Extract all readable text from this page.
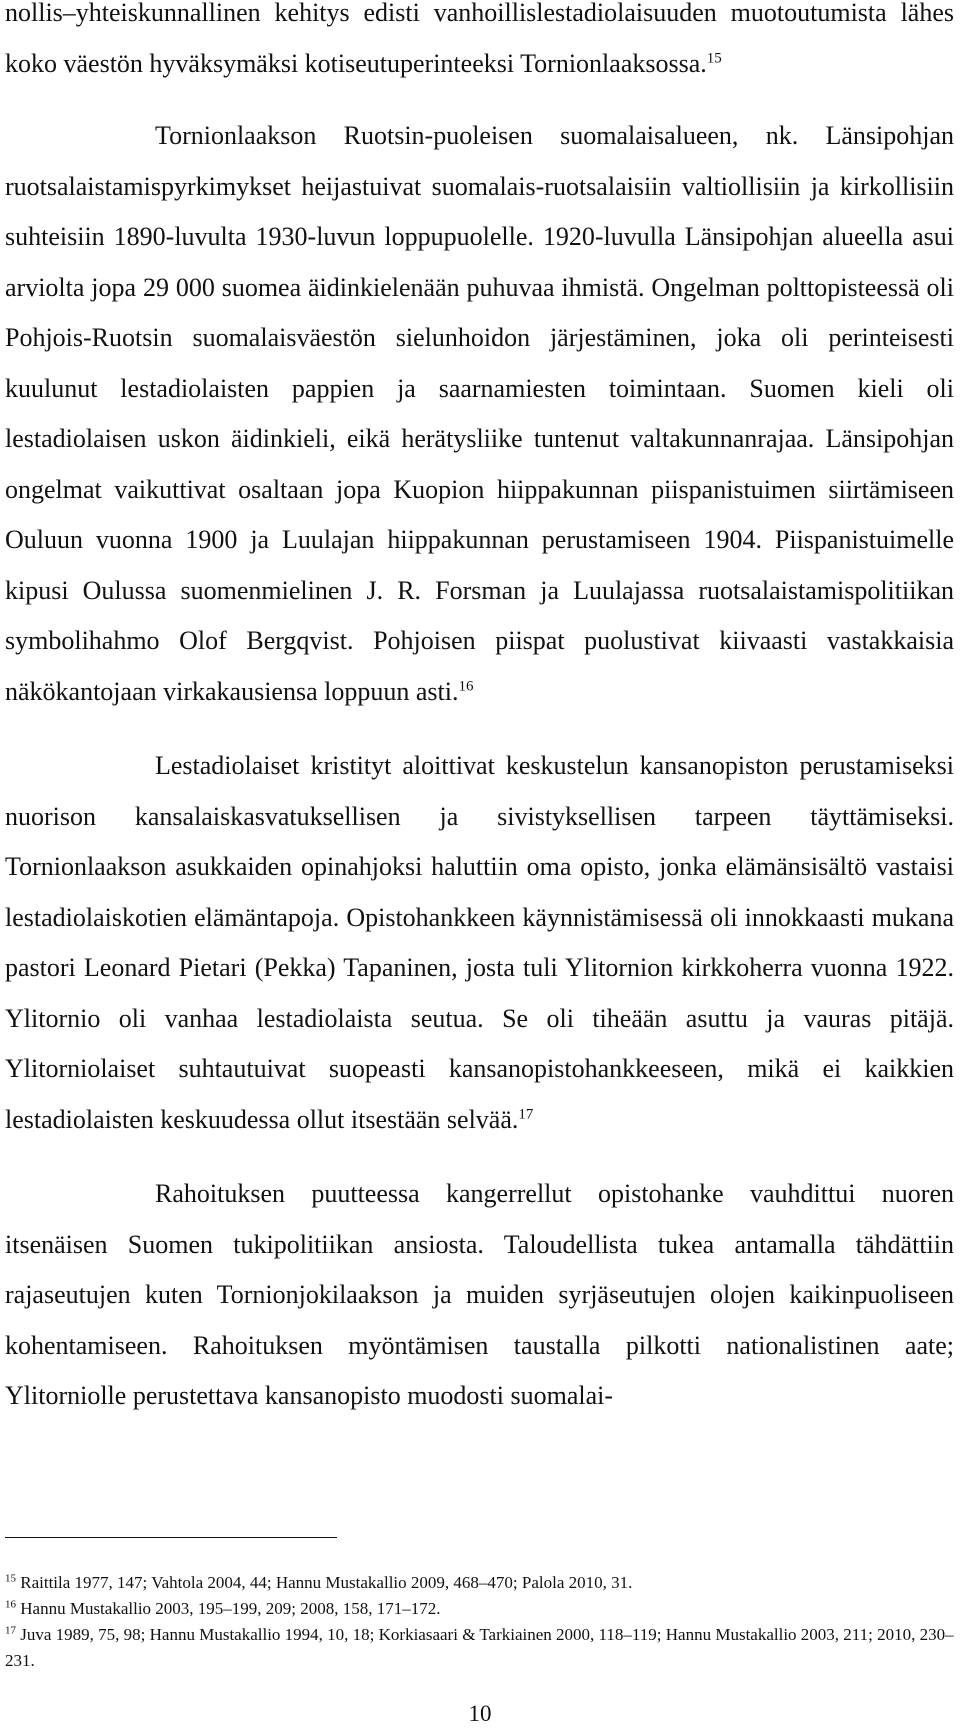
nollis–yhteiskunnallinen kehitys edisti vanhoillislestadiolaisuuden muotoutumista lähes koko väestön hyväksymäksi kotiseutuperinteeksi Tornionlaaksossa.$^{15}$

Tornionlaakson Ruotsin-puoleisen suomalaisalueen, nk. Länsipohjan ruotsalaistamispyrkimykset heijastuivat suomalais-ruotsalaisiin valtiollisiin ja kirkollisiin suhteisiin 1890-luvulta 1930-luvun loppupuolelle. 1920-luvulla Länsipohjan alueella asui arviolta jopa 29 000 suomea äidinkielenään puhuvaa ihmistä. Ongelman polttopisteessä oli Pohjois-Ruotsin suomalaisväestön sielunhoidon järjestäminen, joka oli perinteisesti kuulunut lestadiolaisten pappien ja saarnamiesten toimintaan. Suomen kieli oli lestadiolaisen uskon äidinkieli, eikä herätysliike tuntenut valtakunnanrajaa. Länsipohjan ongelmat vaikuttivat osaltaan jopa Kuopion hiippakunnan piispanistuimen siirtämiseen Ouluun vuonna 1900 ja Luulajan hiippakunnan perustamiseen 1904. Piispanistuimelle kipusi Oulussa suomenmielinen J. R. Forsman ja Luulajassa ruotsalaistamispolitiikan symbolihahmo Olof Bergqvist. Pohjoisen piispat puolustivat kiivaasti vastakkaisia näkökantojaan virkakausiensa loppuun asti.$^{16}$

Lestadiolaiset kristityt aloittivat keskustelun kansanopiston perustamiseksi nuorison kansalaiskasvatuksellisen ja sivistyksellisen tarpeen täyttämiseksi. Tornionlaakson asukkaiden opinahjoksi haluttiin oma opisto, jonka elämänsisältö vastaisi lestadiolaiskotien elämäntapoja. Opistohankkeen käynnistämisessä oli innokkaasti mukana pastori Leonard Pietari (Pekka) Tapaninen, josta tuli Ylitornion kirkkoherra vuonna 1922. Ylitornio oli vanhaa lestadiolaista seutua. Se oli tiheään asuttu ja vauras pitäjä. Ylitorniolaiset suhtautuivat suopeasti kansanopistohankkeeseen, mikä ei kaikkien lestadiolaisten keskuudessa ollut itsestään selvää.$^{17}$

Rahoituksen puutteessa kangerrellut opistohanke vauhdittui nuoren itsenäisen Suomen tukipolitiikan ansiosta. Taloudellista tukea antamalla tähdättiin rajaseutujen kuten Tornionjokilaakson ja muiden syrjäseutujen olojen kaikinpuoliseen kohentamiseen. Rahoituksen myöntämisen taustalla pilkotti nationalistinen aate; Ylitorniolle perustettava kansanopisto muodosti suomalai-

$^{15}$ Raittila 1977, 147; Vahtola 2004, 44; Hannu Mustakallio 2009, 468–470; Palola 2010, 31.

$^{16}$ Hannu Mustakallio 2003, 195–199, 209; 2008, 158, 171–172.

$^{17}$ Juva 1989, 75, 98; Hannu Mustakallio 1994, 10, 18; Korkiasaari & Tarkiainen 2000, 118–119; Hannu Mustakallio 2003, 211; 2010, 230–231.

10
